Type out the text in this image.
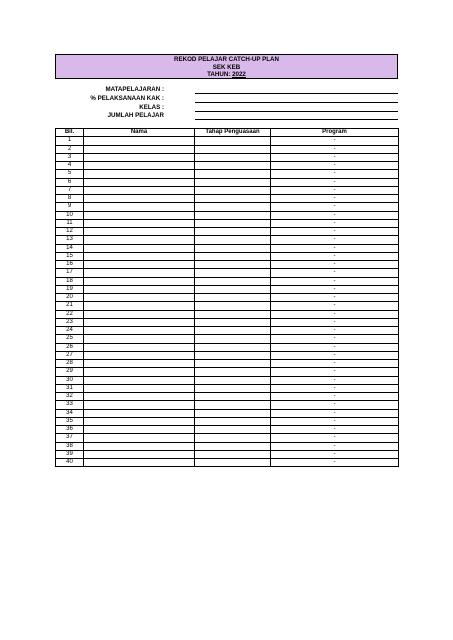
REKOD PELAJAR CATCH-UP PLAN
SEK KEB
TAHUN: 2022
MATAPELAJARAN :
% PELAKSANAAN KAK :
KELAS :
JUMLAH PELAJAR
Bil.	Nama	Tahap Penguasaan	Program
1			-
2			-
3			-
4			-
5			-
6			-
7			-
8			-
9			-
10			-
11			-
12			-
13			-
14			-
15			-
16			-
17			-
18			-
19			-
20			-
21			-
22			-
23			-
24			-
25			-
26			-
27			-
28			-
29			-
30			-
31			-
32			-
33			-
34			-
35			-
36			-
37			-
38			-
39			-
40			-
